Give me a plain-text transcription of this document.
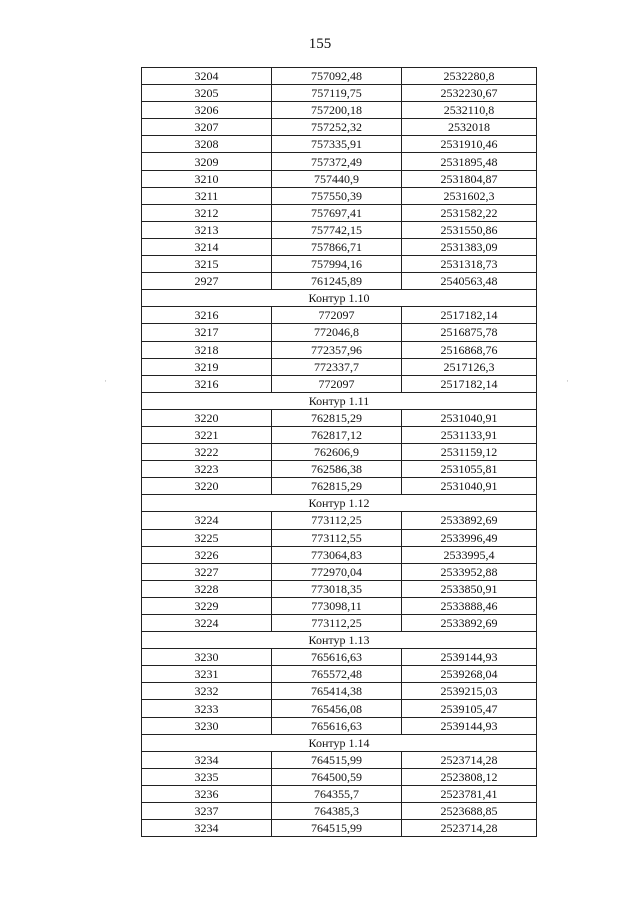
155
3204	757092,48	2532280,8
3205	757119,75	2532230,67
3206	757200,18	2532110,8
3207	757252,32	2532018
3208	757335,91	2531910,46
3209	757372,49	2531895,48
3210	757440,9	2531804,87
3211	757550,39	2531602,3
3212	757697,41	2531582,22
3213	757742,15	2531550,86
3214	757866,71	2531383,09
3215	757994,16	2531318,73
2927	761245,89	2540563,48
Контур 1.10		
3216	772097	2517182,14
3217	772046,8	2516875,78
3218	772357,96	2516868,76
3219	772337,7	2517126,3
3216	772097	2517182,14
Контур 1.11		
3220	762815,29	2531040,91
3221	762817,12	2531133,91
3222	762606,9	2531159,12
3223	762586,38	2531055,81
3220	762815,29	2531040,91
Контур 1.12		
3224	773112,25	2533892,69
3225	773112,55	2533996,49
3226	773064,83	2533995,4
3227	772970,04	2533952,88
3228	773018,35	2533850,91
3229	773098,11	2533888,46
3224	773112,25	2533892,69
Контур 1.13		
3230	765616,63	2539144,93
3231	765572,48	2539268,04
3232	765414,38	2539215,03
3233	765456,08	2539105,47
3230	765616,63	2539144,93
Контур 1.14		
3234	764515,99	2523714,28
3235	764500,59	2523808,12
3236	764355,7	2523781,41
3237	764385,3	2523688,85
3234	764515,99	2523714,28
·	·
